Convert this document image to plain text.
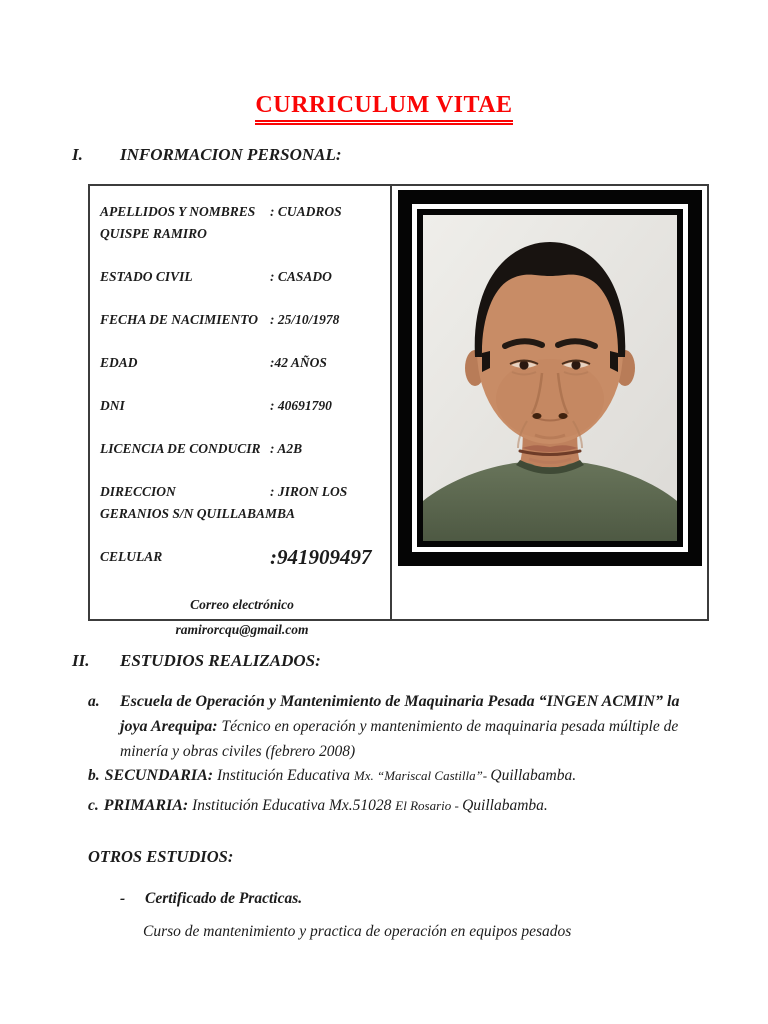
CURRICULUM VITAE
I.	INFORMACION PERSONAL:
APELLIDOS Y NOMBRES : CUADROS
QUISPE RAMIRO
ESTADO CIVIL	: CASADO
FECHA DE NACIMIENTO : 25/10/1978
EDAD	:42 AÑOS
DNI	: 40691790
LICENCIA DE CONDUCIR : A2B
DIRECCION	: JIRON LOS
GERANIOS S/N QUILLABAMBA
CELULAR	:941909497
Correo electrónico
ramirorcqu@gmail.com
II.	ESTUDIOS REALIZADOS:
a.	Escuela de Operación y Mantenimiento de Maquinaria Pesada “INGEN ACMIN” la joya Arequipa: Técnico en operación y mantenimiento de maquinaria pesada múltiple de minería y obras civiles (febrero 2008)
b. SECUNDARIA: Institución Educativa Mx. “Mariscal Castilla”- Quillabamba.
c. PRIMARIA: Institución Educativa Mx.51028 El Rosario - Quillabamba.
OTROS ESTUDIOS:
-	Certificado de Practicas.
Curso de mantenimiento y practica de operación en equipos pesados
